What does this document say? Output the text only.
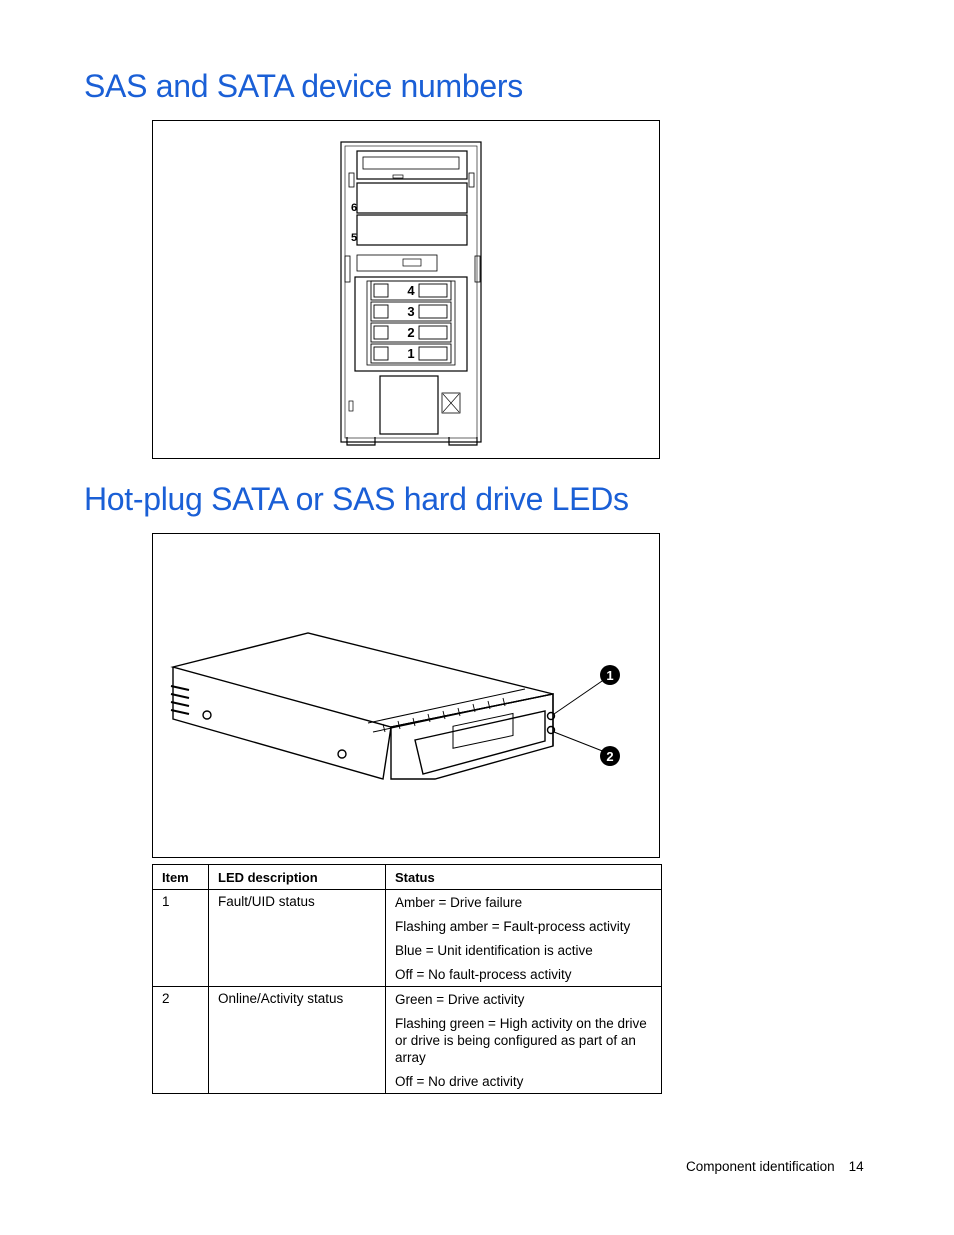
SAS and SATA device numbers
6
5
4
3
2
1
Hot-plug SATA or SAS hard drive LEDs
1
2
Item	LED description	Status
1	Fault/UID status	Amber = Drive failure
Flashing amber = Fault-process activity
Blue = Unit identification is active
Off = No fault-process activity

2	Online/Activity status	Green = Drive activity
Flashing green = High activity on the drive or drive is being configured as part of an array
Off = No drive activity
Component identification 14
